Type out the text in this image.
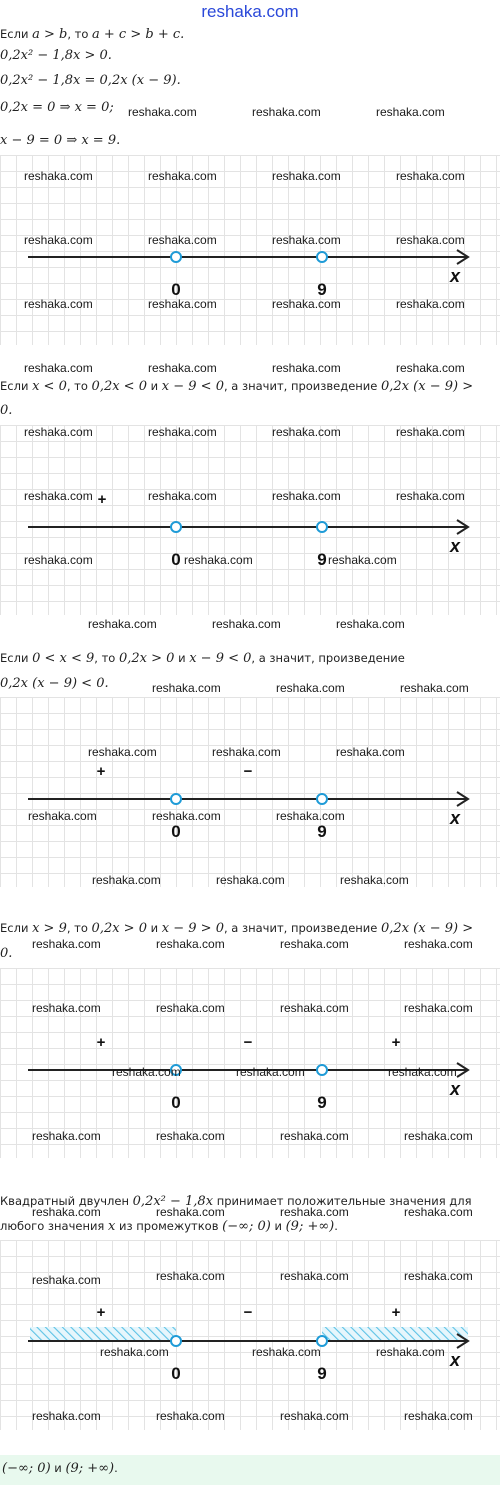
reshaka.com
Если a > b, то a + c > b + c.
0,2x² − 1,8x > 0.
0,2x² − 1,8x = 0,2x (x − 9).
0,2x = 0 ⇒ x = 0;
x − 9 = 0 ⇒ x = 9.
0	9
x
Если x < 0, то 0,2x < 0 и x − 9 < 0, а значит, произведение 0,2x (x − 9) >
0.
+
0	9
x
Если 0 < x < 9, то 0,2x > 0 и x − 9 < 0, а значит, произведение
0,2x (x − 9) < 0.
+	−
0	9
x
Если x > 9, то 0,2x > 0 и x − 9 > 0, а значит, произведение 0,2x (x − 9) >
0.
+	−	+
0	9
x
Квадратный двучлен 0,2x² − 1,8x принимает положительные значения для
любого значения x из промежутков (−∞; 0) и (9; +∞).
+	−	+
0	9
x
(−∞; 0) и (9; +∞).
reshaka.com	reshaka.com	reshaka.com
reshaka.com	reshaka.com	reshaka.com	reshaka.com
reshaka.com	reshaka.com	reshaka.com	reshaka.com
reshaka.com	reshaka.com	reshaka.com	reshaka.com
reshaka.com	reshaka.com	reshaka.com	reshaka.com
reshaka.com	reshaka.com	reshaka.com	reshaka.com
reshaka.com	reshaka.com	reshaka.com	reshaka.com
reshaka.com	reshaka.com	reshaka.com
reshaka.com	reshaka.com	reshaka.com
reshaka.com	reshaka.com	reshaka.com
reshaka.com	reshaka.com	reshaka.com
reshaka.com	reshaka.com	reshaka.com
reshaka.com	reshaka.com	reshaka.com
reshaka.com	reshaka.com	reshaka.com	reshaka.com
reshaka.com	reshaka.com	reshaka.com	reshaka.com
reshaka.com	reshaka.com	reshaka.com
reshaka.com	reshaka.com	reshaka.com	reshaka.com
reshaka.com	reshaka.com	reshaka.com	reshaka.com
reshaka.com	reshaka.com	reshaka.com	reshaka.com
reshaka.com	reshaka.com	reshaka.com
reshaka.com	reshaka.com	reshaka.com	reshaka.com
